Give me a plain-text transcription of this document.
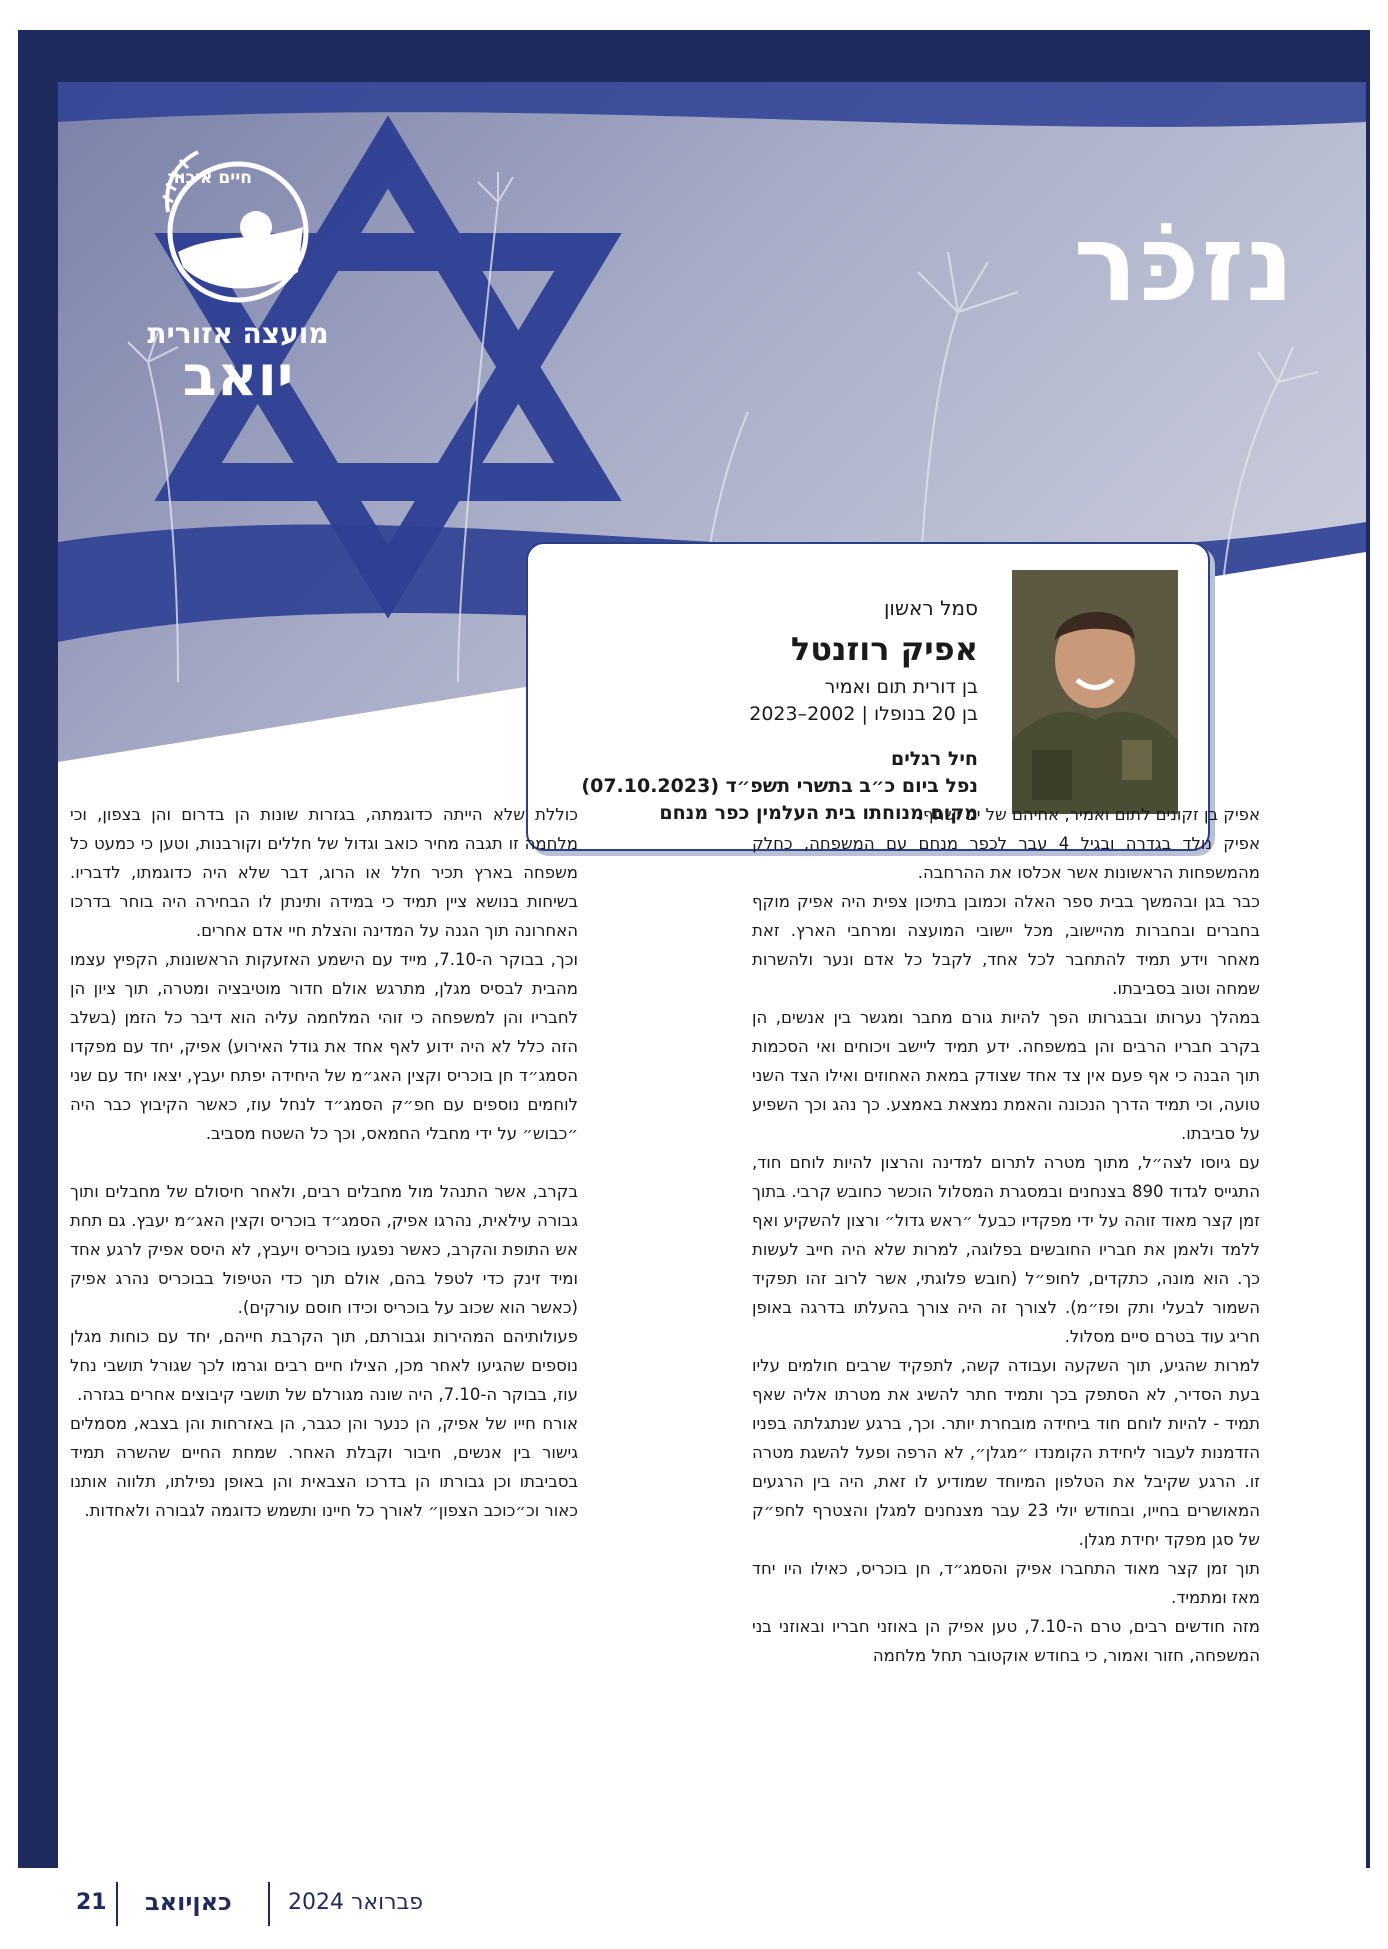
נזכֹּר
חיים איכות
מועצה אזורית
יואב
סמל ראשון
אפיק רוזנטל
בן דורית תום ואמיר
בן 20 בנופלו | 2002–2023
חיל רגלים
נפל ביום כ״ב בתשרי תשפ״ד (07.10.2023)
מקום מנוחתו בית העלמין כפר מנחם

אפיק בן זקונים לתום ואמיר, אחיהם של ים ושחף.

אפיק נולד בגדרה ובגיל 4 עבר לכפר מנחם עם המשפחה, כחלק מהמשפחות הראשונות אשר אכלסו את ההרחבה.

כבר בגן ובהמשך בבית ספר האלה וכמובן בתיכון צפית היה אפיק מוקף בחברים ובחברות מהיישוב, מכל יישובי המועצה ומרחבי הארץ. זאת מאחר וידע תמיד להתחבר לכל אחד, לקבל כל אדם ונער ולהשרות שמחה וטוב בסביבתו.

במהלך נערותו ובבגרותו הפך להיות גורם מחבר ומגשר בין אנשים, הן בקרב חבריו הרבים והן במשפחה. ידע תמיד ליישב ויכוחים ואי הסכמות תוך הבנה כי אף פעם אין צד אחד שצודק במאת האחוזים ואילו הצד השני טועה, וכי תמיד הדרך הנכונה והאמת נמצאת באמצע. כך נהג וכך השפיע על סביבתו.

עם גיוסו לצה״ל, מתוך מטרה לתרום למדינה והרצון להיות לוחם חוד, התגייס לגדוד 890 בצנחנים ובמסגרת המסלול הוכשר כחובש קרבי. בתוך זמן קצר מאוד זוהה על ידי מפקדיו כבעל ״ראש גדול״ ורצון להשקיע ואף ללמד ולאמן את חבריו החובשים בפלוגה, למרות שלא היה חייב לעשות כך. הוא מונה, כתקדים, לחופ״ל (חובש פלוגתי, אשר לרוב זהו תפקיד השמור לבעלי ותק ופז״מ). לצורך זה היה צורך בהעלתו בדרגה באופן חריג עוד בטרם סיים מסלול.

למרות שהגיע, תוך השקעה ועבודה קשה, לתפקיד שרבים חולמים עליו בעת הסדיר, לא הסתפק בכך ותמיד חתר להשיג את מטרתו אליה שאף תמיד - להיות לוחם חוד ביחידה מובחרת יותר. וכך, ברגע שנתגלתה בפניו הזדמנות לעבור ליחידת הקומנדו ״מגלן״, לא הרפה ופעל להשגת מטרה זו. הרגע שקיבל את הטלפון המיוחד שמודיע לו זאת, היה בין הרגעים המאושרים בחייו, ובחודש יולי 23 עבר מצנחנים למגלן והצטרף לחפ״ק של סגן מפקד יחידת מגלן.

תוך זמן קצר מאוד התחברו אפיק והסמג״ד, חן בוכריס, כאילו היו יחד מאז ומתמיד.

מזה חודשים רבים, טרם ה-7.10, טען אפיק הן באוזני חבריו ובאוזני בני המשפחה, חזור ואמור, כי בחודש אוקטובר תחל מלחמה

כוללת שלא הייתה כדוגמתה, בגזרות שונות הן בדרום והן בצפון, וכי מלחמה זו תגבה מחיר כואב וגדול של חללים וקורבנות, וטען כי כמעט כל משפחה בארץ תכיר חלל או הרוג, דבר שלא היה כדוגמתו, לדבריו. בשיחות בנושא ציין תמיד כי במידה ותינתן לו הבחירה היה בוחר בדרכו האחרונה תוך הגנה על המדינה והצלת חיי אדם אחרים.

וכך, בבוקר ה-7.10, מייד עם הישמע האזעקות הראשונות, הקפיץ עצמו מהבית לבסיס מגלן, מתרגש אולם חדור מוטיבציה ומטרה, תוך ציון הן לחבריו והן למשפחה כי זוהי המלחמה עליה הוא דיבר כל הזמן (בשלב הזה כלל לא היה ידוע לאף אחד את גודל האירוע) אפיק, יחד עם מפקדו הסמג״ד חן בוכריס וקצין האג״מ של היחידה יפתח יעבץ, יצאו יחד עם שני לוחמים נוספים עם חפ״ק הסמג״ד לנחל עוז, כאשר הקיבוץ כבר היה ״כבוש״ על ידי מחבלי החמאס, וכך כל השטח מסביב.

בקרב, אשר התנהל מול מחבלים רבים, ולאחר חיסולם של מחבלים ותוך גבורה עילאית, נהרגו אפיק, הסמג״ד בוכריס וקצין האג״מ יעבץ. גם תחת אש התופת והקרב, כאשר נפגעו בוכריס ויעבץ, לא היסס אפיק לרגע אחד ומיד זינק כדי לטפל בהם, אולם תוך כדי הטיפול בבוכריס נהרג אפיק (כאשר הוא שכוב על בוכריס וכידו חוסם עורקים).

פעולותיהם המהירות וגבורתם, תוך הקרבת חייהם, יחד עם כוחות מגלן נוספים שהגיעו לאחר מכן, הצילו חיים רבים וגרמו לכך שגורל תושבי נחל עוז, בבוקר ה-7.10, היה שונה מגורלם של תושבי קיבוצים אחרים בגזרה.

אורח חייו של אפיק, הן כנער והן כגבר, הן באזרחות והן בצבא, מסמלים גישור בין אנשים, חיבור וקבלת האחר. שמחת החיים שהשרה תמיד בסביבתו וכן גבורתו הן בדרכו הצבאית והן באופן נפילתו, תלווה אותנו כאור וכ״כוכב הצפון״ לאורך כל חיינו ותשמש כדוגמה לגבורה ולאחדות.

21 כאןיואב	פברואר 2024
